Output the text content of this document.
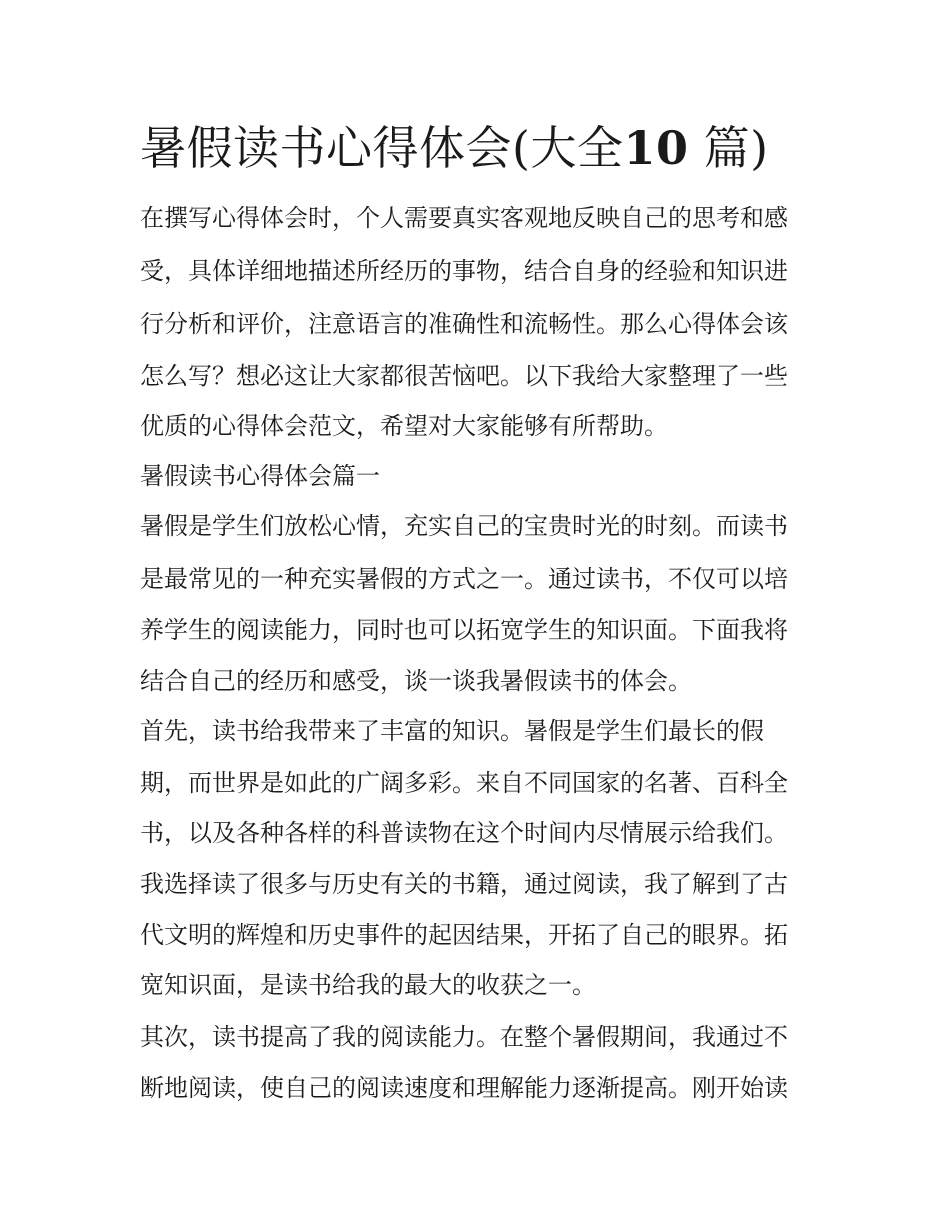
暑假读书心得体会(大全10 篇)

在撰写心得体会时，个人需要真实客观地反映自己的思考和感

受，具体详细地描述所经历的事物，结合自身的经验和知识进

行分析和评价，注意语言的准确性和流畅性。那么心得体会该

怎么写？想必这让大家都很苦恼吧。以下我给大家整理了一些

优质的心得体会范文，希望对大家能够有所帮助。

暑假读书心得体会篇一

暑假是学生们放松心情，充实自己的宝贵时光的时刻。而读书

是最常见的一种充实暑假的方式之一。通过读书，不仅可以培

养学生的阅读能力，同时也可以拓宽学生的知识面。下面我将

结合自己的经历和感受，谈一谈我暑假读书的体会。

首先，读书给我带来了丰富的知识。暑假是学生们最长的假

期，而世界是如此的广阔多彩。来自不同国家的名著、百科全

书，以及各种各样的科普读物在这个时间内尽情展示给我们。

我选择读了很多与历史有关的书籍，通过阅读，我了解到了古

代文明的辉煌和历史事件的起因结果，开拓了自己的眼界。拓

宽知识面，是读书给我的最大的收获之一。

其次，读书提高了我的阅读能力。在整个暑假期间，我通过不

断地阅读，使自己的阅读速度和理解能力逐渐提高。刚开始读
